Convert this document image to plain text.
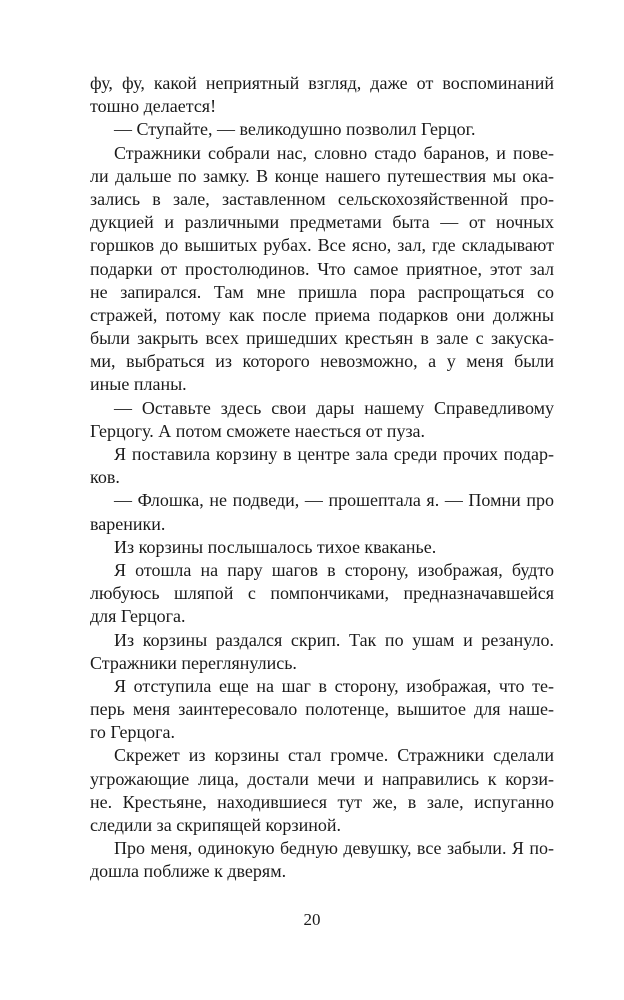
фу, фу, какой неприятный взгляд, даже от воспоминаний
тошно делается!
— Ступайте, — великодушно позволил Герцог.
Стражники собрали нас, словно стадо баранов, и пове-
ли дальше по замку. В конце нашего путешествия мы ока-
зались в зале, заставленном сельскохозяйственной про-
дукцией и различными предметами быта — от ночных
горшков до вышитых рубах. Все ясно, зал, где складывают
подарки от простолюдинов. Что самое приятное, этот зал
не запирался. Там мне пришла пора распрощаться со
стражей, потому как после приема подарков они должны
были закрыть всех пришедших крестьян в зале с закуска-
ми, выбраться из которого невозможно, а у меня были
иные планы.
— Оставьте здесь свои дары нашему Справедливому
Герцогу. А потом сможете наесться от пуза.
Я поставила корзину в центре зала среди прочих подар-
ков.
— Флошка, не подведи, — прошептала я. — Помни про
вареники.
Из корзины послышалось тихое кваканье.
Я отошла на пару шагов в сторону, изображая, будто
любуюсь шляпой с помпончиками, предназначавшейся
для Герцога.
Из корзины раздался скрип. Так по ушам и резануло.
Стражники переглянулись.
Я отступила еще на шаг в сторону, изображая, что те-
перь меня заинтересовало полотенце, вышитое для наше-
го Герцога.
Скрежет из корзины стал громче. Стражники сделали
угрожающие лица, достали мечи и направились к корзи-
не. Крестьяне, находившиеся тут же, в зале, испуганно
следили за скрипящей корзиной.
Про меня, одинокую бедную девушку, все забыли. Я по-
дошла поближе к дверям.
20
